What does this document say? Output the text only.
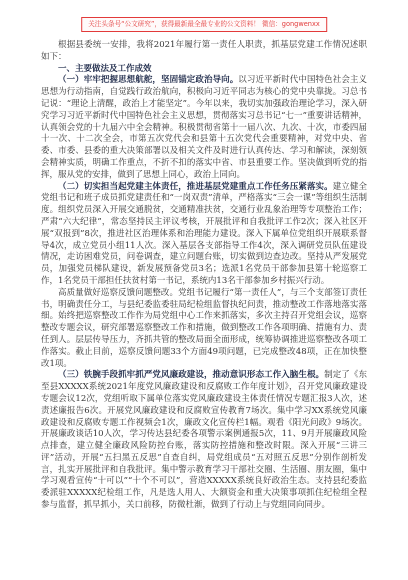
关注头条号“公文研究”，获得最新最全最专业的公文资料！ 微信：gongwenxx

根据县委统一安排，我将2021年履行第一责任人职责，抓基层党建工作情况述职如下：

一、主要做法及工作成效

（一）牢牢把握思想航舵，坚固锚定政治导向。以习近平新时代中国特色社会主义思想为行动指南，自觉践行政治航向，积极向习近平同志为核心的党中央靠拢。习总书记说：“理论上清醒，政治上才能坚定”。今年以来，我切实加强政治理论学习，深入研究学习习近平新时代中国特色社会主义思想，贯彻落实习总书记“七一”重要讲话精神，认真领会党的十九届六中全会精神。积极贯彻省第十一届八次、九次、十次，市委四届十一次、十二次全会，市第五次党代会和县第十五次党代会重要精神，对党中央、省委、市委、县委的重大决策部署以及相关文件及时进行认真传达、学习和解读，深刻领会精神实质，明确工作重点，不折不扣的落实中省、市县重要工作。坚决做到听党的指挥，服从党的安排，做到了思想上同心，政治上同向。

（二）切实担当起党建主体责任，推进基层党建重点工作任务压紧落实。建立健全党组书记和班子成员抓党建责任和“一岗双责”清单，严格落实“三会一课”等组织生活制度。组织党员深入开展交通脱贫，交通精准扶贫，交通行业乱象治理等专项整治工作；严肃“六大纪律”，常态坚持民主评议考核，开展批评和自我批评工作2次；深入社区开展“双报到”8次，推进社区治理体系和治理能力建设。深入下属单位党组织开展联系督导4次，成立党员小组11人次。深入基层各支部指导工作4次，深入调研党员队伍建设情况，走访困难党员，问卷调查，建立问题台账，切实做到边查边改。坚持从严发展党员，加强党员梯队建设，新发展预备党员3名；选派1名党员干部参加县第十轮巡察工作，1名党员干部担任扶贫村第一书记，系统内13名干部参加乡村振兴行动。

高质量做好巡察反馈问题整改。党组书记履行“第一责任人”，与三个支部签订责任书，明确责任分工，与县纪委监委驻局纪检组监督执纪问责，推动整改工作落地落实落细。始终把巡察整改工作作为局党组中心工作来抓落实，多次主持召开党组会议，巡察整改专题会议，研究部署巡察整改工作和措施，做到整改工作各项明确、措施有力、责任到人。层层传导压力，齐抓共管的整改局面全面形成，统筹协调推进巡察整改各项工作落实。截止目前，巡察反馈问题33个方面49项问题，已完成整改48项，正在加快整改1项。

（三）铁腕手段抓牢抓严党风廉政建设，推动意识形态工作入脑生根。制定了《东至县XXXXX系统2021年度党风廉政建设和反腐败工作年度计划》，召开党风廉政建设专题会议12次，党组听取下属单位落实党风廉政建设主体责任情况专题汇报3人次，述责述廉报告6次。开展党风廉政建设和反腐败宣传教育7场次。集中学习XX系统党风廉政建设和反腐败专题工作视频会1次，廉政文化宣传栏1幅。观看《阳光问政》9场次。开展廉政谈话10人次，学习传达县纪委各项警示案例通报5次，11、9月开展廉政风险点排查，建立健全廉政风险防控台账，落实防控措施和整改时限。深入开展“三讲三评”活动，开展“五扫黑五反思”自查自纠，局党组成员“五对照五反思”分别作剖析发言，扎实开展批评和自我批评。集中警示教育学习干部社交圈、生活圈、朋友圈，集中学习观看宣传“十可以”“十个不可以”，营造XXXXX系统良好政治生态。支持县纪委监委派驻XXXXX纪检组工作，凡是选人用人、大额资金和重大决策事项抓住纪检组全程参与监督，抓早抓小，关口前移，防微杜渐，做到了行动上与党组同向同步。
